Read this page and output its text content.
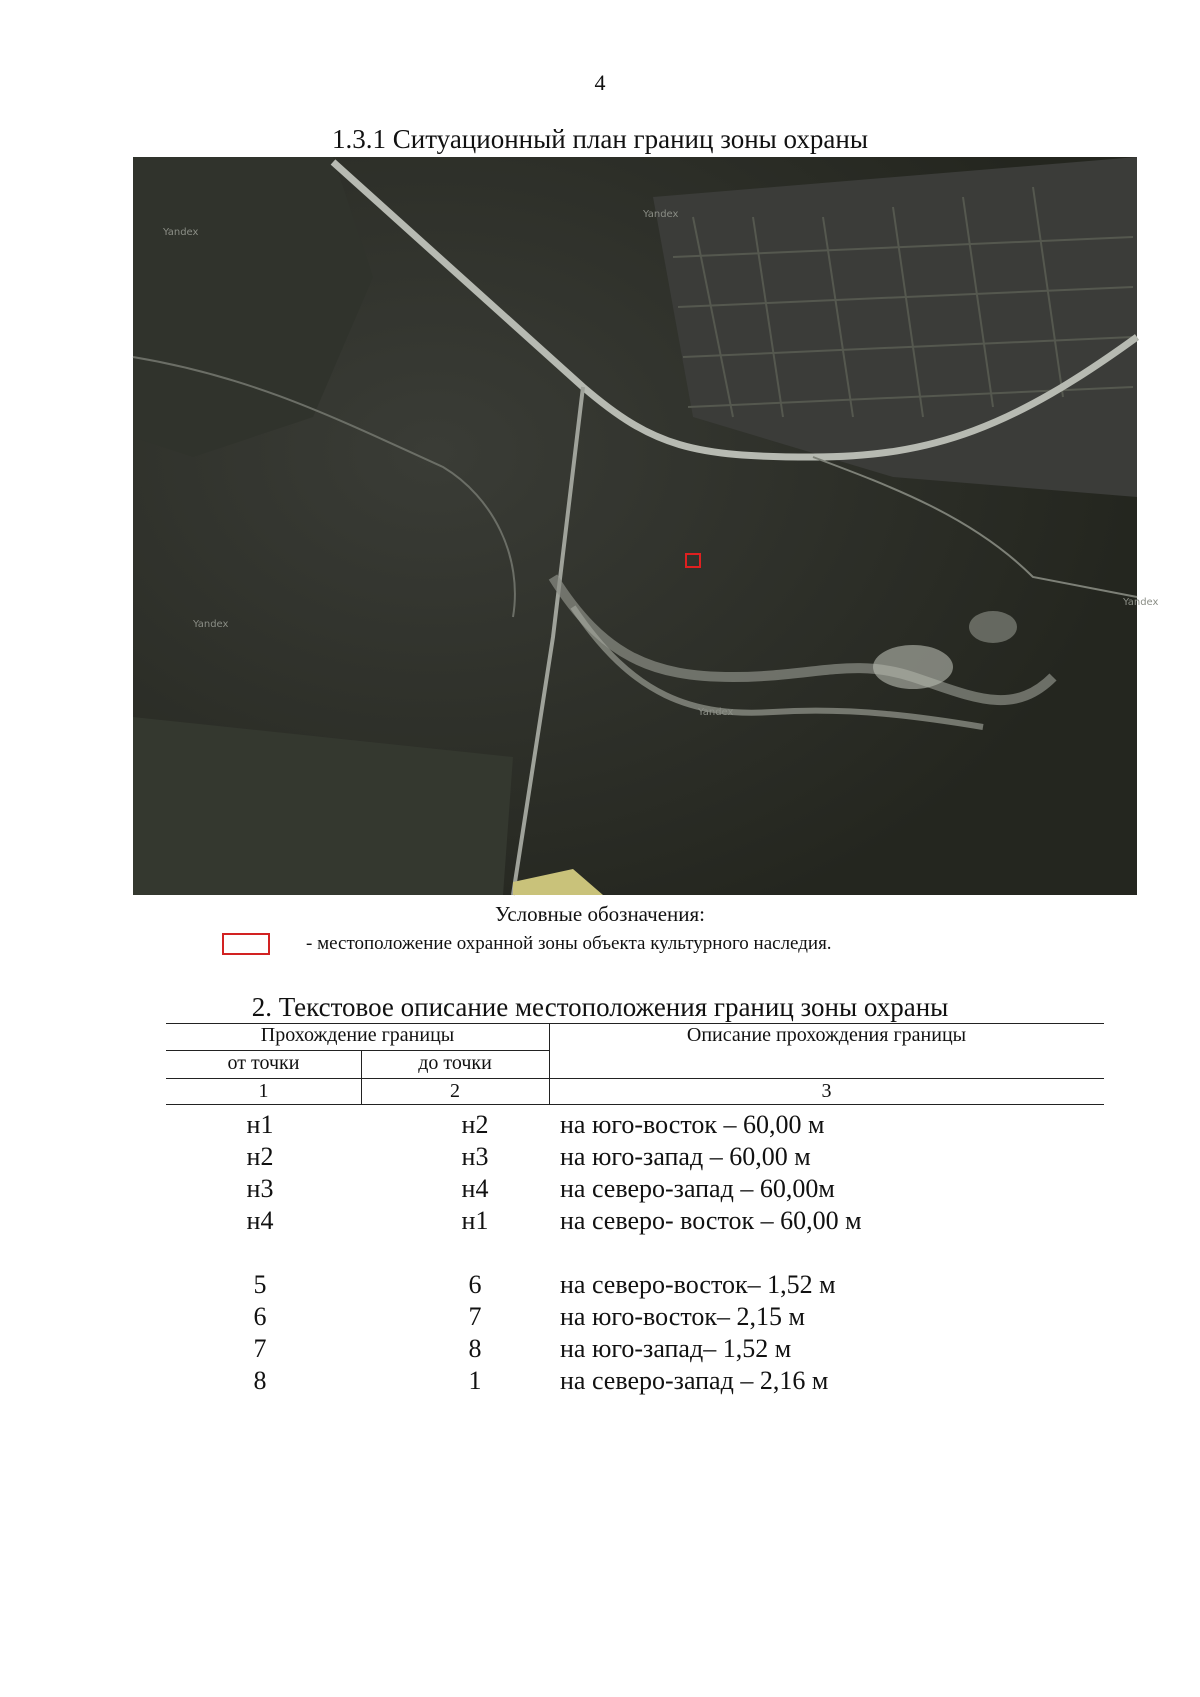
4
1.3.1 Ситуационный план границ зоны охраны
Yandex
Yandex
Yandex
Yandex
Yandex
Условные обозначения:
- местоположение охранной зоны объекта культурного наследия.
2. Текстовое описание местоположения границ зоны охраны
Прохождение границы	Описание прохождения границы
от точки	до точки
1	2	3
н1	н2	на юго-восток – 60,00 м
н2	н3	на юго-запад – 60,00 м
н3	н4	на северо-запад – 60,00м
н4	н1	на северо- восток – 60,00 м
5	6	на северо-восток– 1,52 м
6	7	на юго-восток– 2,15 м
7	8	на юго-запад– 1,52 м
8	1	на северо-запад – 2,16 м
